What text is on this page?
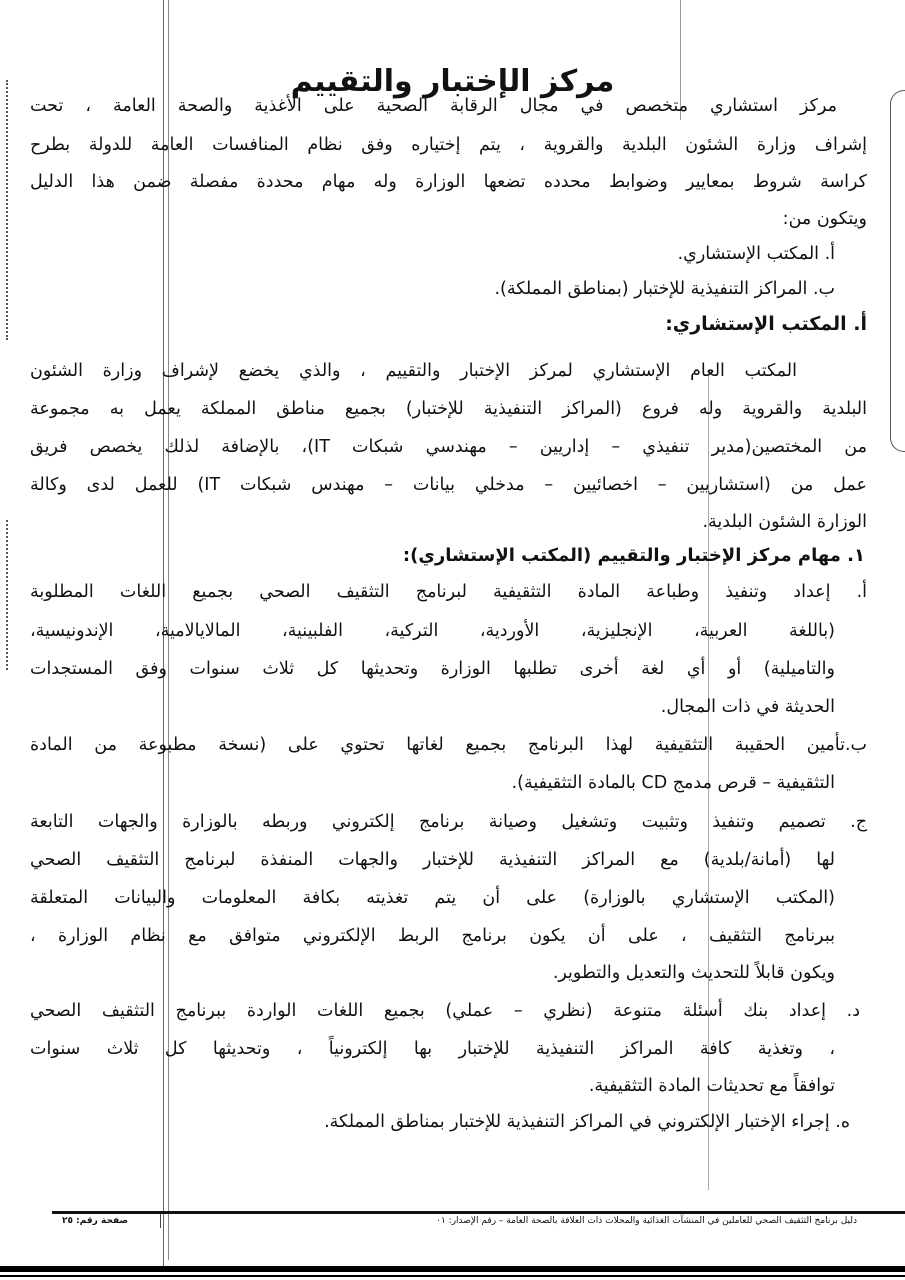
مركز الإختبار والتقييم
مركز استشاري متخصص في مجال الرقابة الصحية على الأغذية والصحة العامة ، تحت
إشراف وزارة الشئون البلدية والقروية ، يتم إختياره وفق نظام المنافسات العامة للدولة بطرح
كراسة شروط بمعايير وضوابط محدده تضعها الوزارة وله مهام محددة مفصلة ضمن هذا الدليل
ويتكون من:
أ. المكتب الإستشاري.
ب. المراكز التنفيذية للإختبار (بمناطق المملكة).
أ. المكتب الإستشاري:
المكتب العام الإستشاري لمركز الإختبار والتقييم ، والذي يخضع لإشراف وزارة الشئون
البلدية والقروية وله فروع (المراكز التنفيذية للإختبار) بجميع مناطق المملكة يعمل به مجموعة
من المختصين(مدير تنفيذي – إداريين – مهندسي شبكات IT)، بالإضافة لذلك يخصص فريق
عمل من (استشاريين – اخصائيين – مدخلي بيانات – مهندس شبكات IT) للعمل لدى وكالة
الوزارة الشئون البلدية.
١. مهام مركز الإختبار والتقييم (المكتب الإستشاري):
أ. إعداد وتنفيذ وطباعة المادة التثقيفية لبرنامج التثقيف الصحي بجميع اللغات المطلوبة
(باللغة العربية، الإنجليزية، الأوردية، التركية، الفلبينية، المالايالامية، الإندونيسية،
والتاميلية) أو أي لغة أخرى تطلبها الوزارة وتحديثها كل ثلاث سنوات وفق المستجدات
الحديثة في ذات المجال.
ب.تأمين الحقيبة التثقيفية لهذا البرنامج بجميع لغاتها تحتوي على (نسخة مطبوعة من المادة
التثقيفية – قرص مدمج CD بالمادة التثقيفية).
ج. تصميم وتنفيذ وتثبيت وتشغيل وصيانة برنامج إلكتروني وربطه بالوزارة والجهات التابعة
لها (أمانة/بلدية) مع المراكز التنفيذية للإختبار والجهات المنفذة لبرنامج التثقيف الصحي
(المكتب الإستشاري بالوزارة) على أن يتم تغذيته بكافة المعلومات والبيانات المتعلقة
ببرنامج التثقيف ، على أن يكون برنامج الربط الإلكتروني متوافق مع نظام الوزارة ،
ويكون قابلاً للتحديث والتعديل والتطوير.
د. إعداد بنك أسئلة متنوعة (نظري – عملي) بجميع اللغات الواردة ببرنامج التثقيف الصحي
، وتغذية كافة المراكز التنفيذية للإختبار بها إلكترونياً ، وتحديثها كل ثلاث سنوات
توافقاً مع تحديثات المادة التثقيفية.
ه. إجراء الإختبار الإلكتروني في المراكز التنفيذية للإختبار بمناطق المملكة.
دليل برنامج التثقيف الصحي للعاملين في المنشآت الغذائية والمحلات ذات العلاقة بالصحة العامة – رقم الإصدار: ٠١
صفحة رقم: ٢٥
